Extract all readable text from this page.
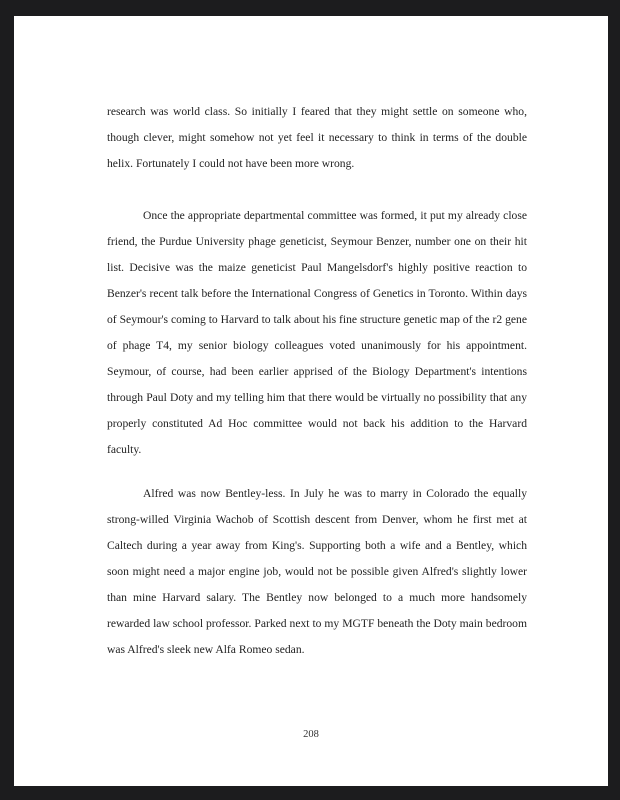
research was world class. So initially I feared that they might settle on someone who, though clever, might somehow not yet feel it necessary to think in terms of the double helix. Fortunately I could not have been more wrong.

Once the appropriate departmental committee was formed, it put my already close friend, the Purdue University phage geneticist, Seymour Benzer, number one on their hit list. Decisive was the maize geneticist Paul Mangelsdorf's highly positive reaction to Benzer's recent talk before the International Congress of Genetics in Toronto. Within days of Seymour's coming to Harvard to talk about his fine structure genetic map of the r2 gene of phage T4, my senior biology colleagues voted unanimously for his appointment. Seymour, of course, had been earlier apprised of the Biology Department's intentions through Paul Doty and my telling him that there would be virtually no possibility that any properly constituted Ad Hoc committee would not back his addition to the Harvard faculty.

Alfred was now Bentley-less. In July he was to marry in Colorado the equally strong-willed Virginia Wachob of Scottish descent from Denver, whom he first met at Caltech during a year away from King's. Supporting both a wife and a Bentley, which soon might need a major engine job, would not be possible given Alfred's slightly lower than mine Harvard salary. The Bentley now belonged to a much more handsomely rewarded law school professor. Parked next to my MGTF beneath the Doty main bedroom was Alfred's sleek new Alfa Romeo sedan.

208
